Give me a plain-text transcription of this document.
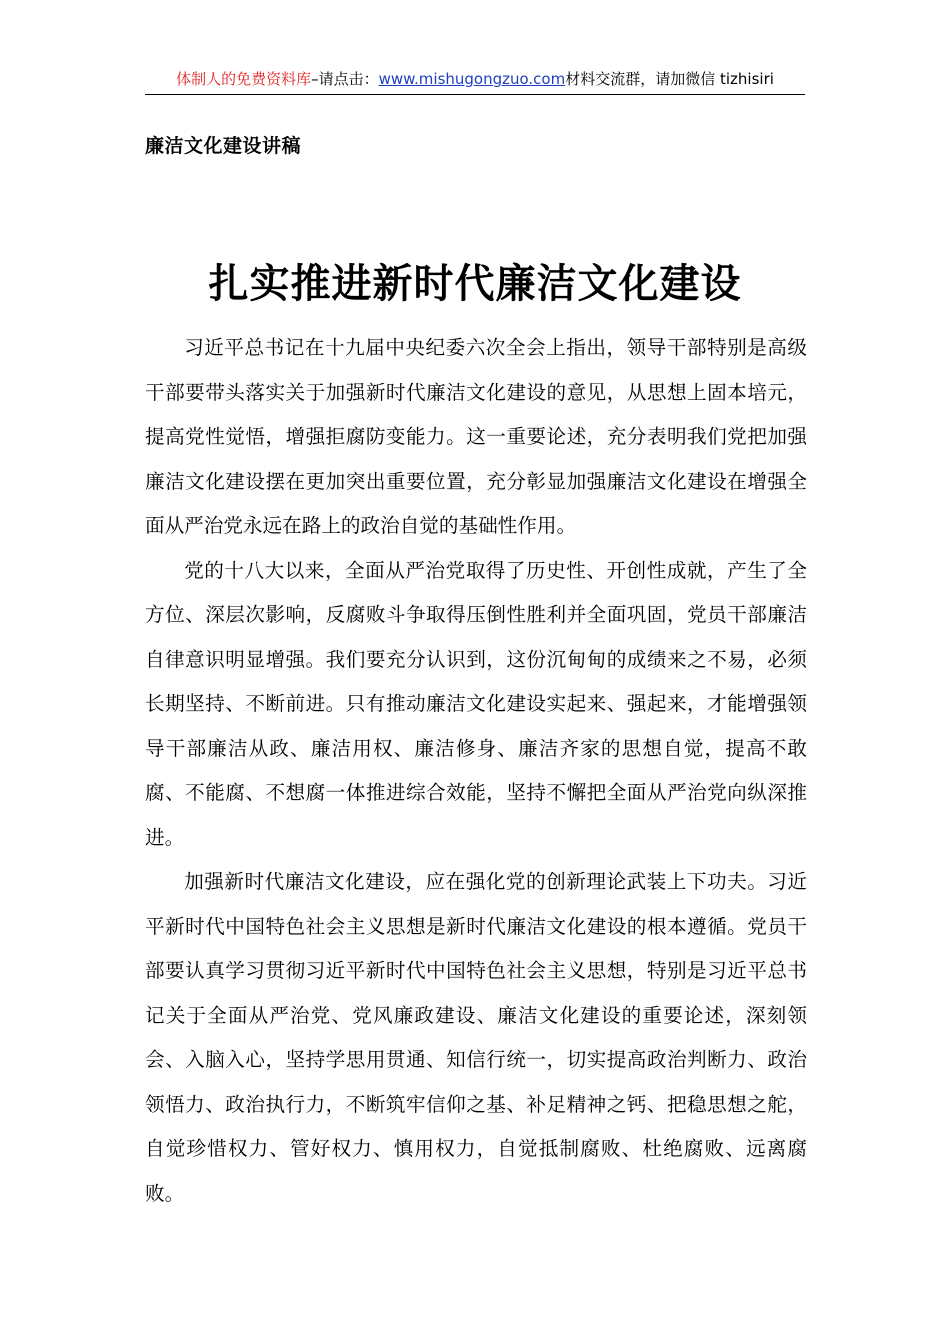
体制人的免费资料库–请点击：www.mishugongzuo.com材料交流群，请加微信 tizhisiri
廉洁文化建设讲稿
扎实推进新时代廉洁文化建设

习近平总书记在十九届中央纪委六次全会上指出，领导干部特别是高级干部要带头落实关于加强新时代廉洁文化建设的意见，从思想上固本培元，提高党性觉悟，增强拒腐防变能力。这一重要论述，充分表明我们党把加强廉洁文化建设摆在更加突出重要位置，充分彰显加强廉洁文化建设在增强全面从严治党永远在路上的政治自觉的基础性作用。

党的十八大以来，全面从严治党取得了历史性、开创性成就，产生了全方位、深层次影响，反腐败斗争取得压倒性胜利并全面巩固，党员干部廉洁自律意识明显增强。我们要充分认识到，这份沉甸甸的成绩来之不易，必须长期坚持、不断前进。只有推动廉洁文化建设实起来、强起来，才能增强领导干部廉洁从政、廉洁用权、廉洁修身、廉洁齐家的思想自觉，提高不敢腐、不能腐、不想腐一体推进综合效能，坚持不懈把全面从严治党向纵深推进。

加强新时代廉洁文化建设，应在强化党的创新理论武装上下功夫。习近平新时代中国特色社会主义思想是新时代廉洁文化建设的根本遵循。党员干部要认真学习贯彻习近平新时代中国特色社会主义思想，特别是习近平总书记关于全面从严治党、党风廉政建设、廉洁文化建设的重要论述，深刻领会、入脑入心，坚持学思用贯通、知信行统一，切实提高政治判断力、政治领悟力、政治执行力，不断筑牢信仰之基、补足精神之钙、把稳思想之舵，自觉珍惜权力、管好权力、慎用权力，自觉抵制腐败、杜绝腐败、远离腐败。
